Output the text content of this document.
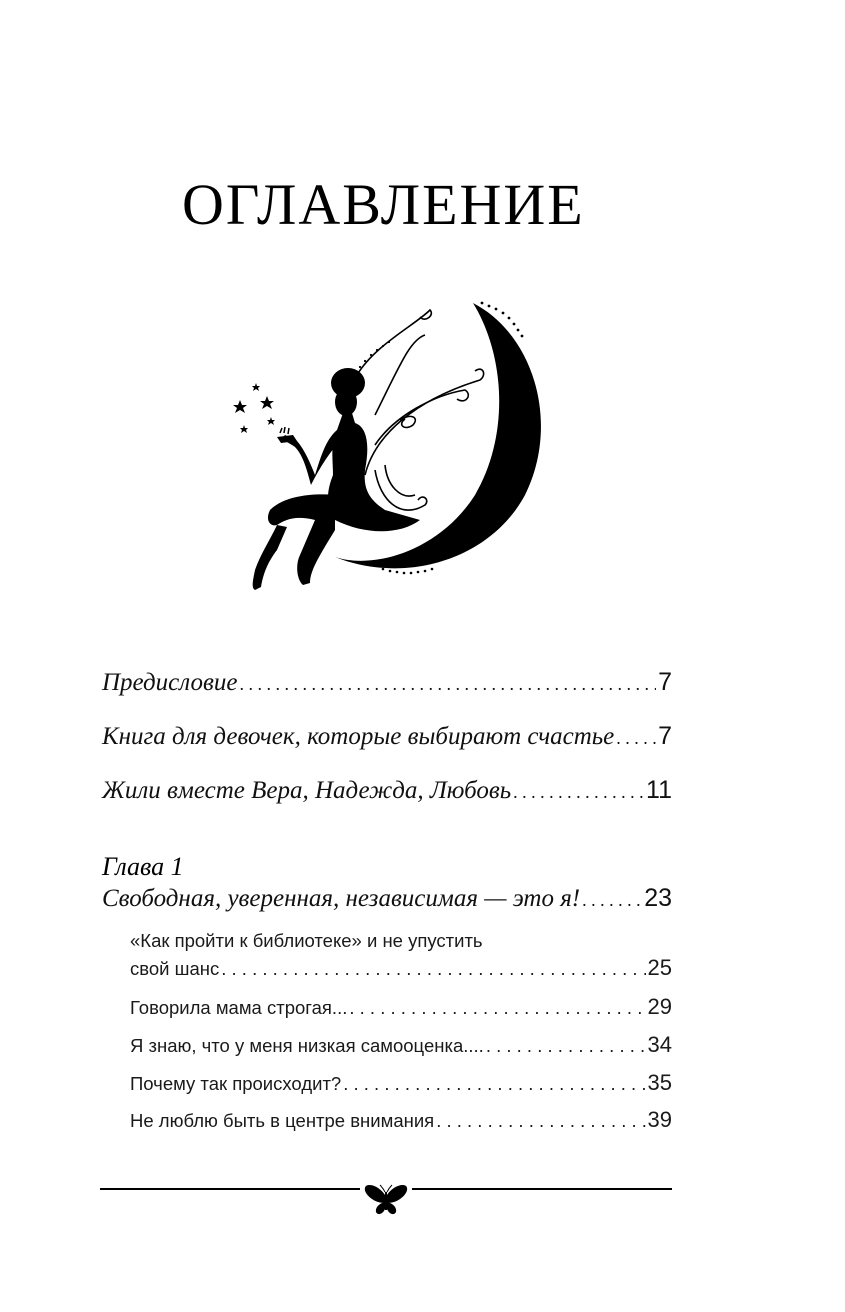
ОГЛАВЛЕНИЕ
Предисловие . . .	7
Книга для девочек, которые выбирают счастье . . . 7
Жили вместе Вера, Надежда, Любовь . . .	11
Глава 1
Свободная, уверенная, независимая — это я! . . .	23
«Как пройти к библиотеке» и не упустить
свой шанс . . .	25
Говорила мама строгая... . . .	29
Я знаю, что у меня низкая самооценка.... . . .	34
Почему так происходит? . . .	35
Не люблю быть в центре внимания . . .	39
